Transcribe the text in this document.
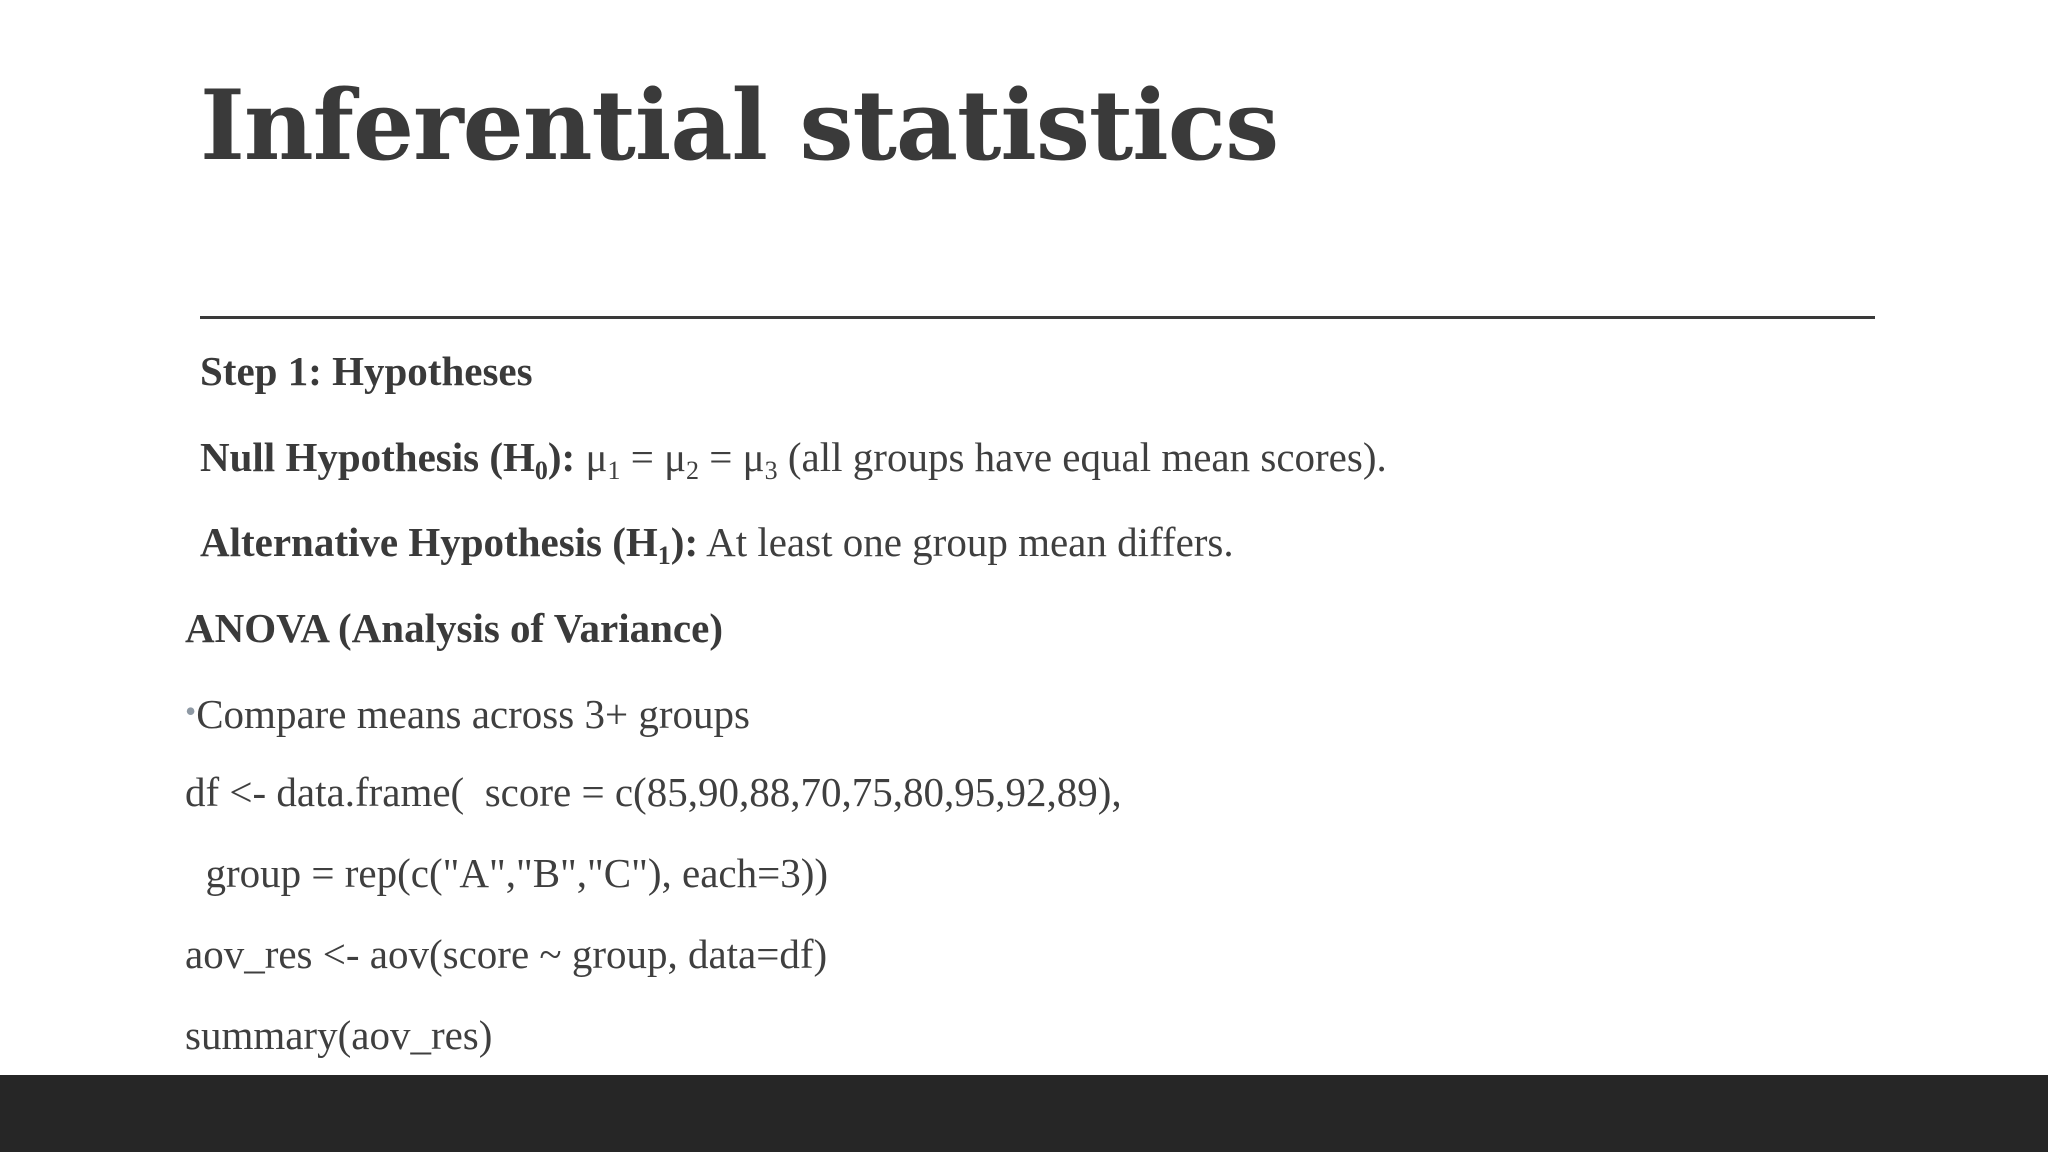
Inferential statistics
Step 1: Hypotheses
Null Hypothesis (H0): $\mu_1 = \mu_2 = \mu_3$ (all groups have equal mean scores).
Alternative Hypothesis (H1): At least one group mean differs.
ANOVA (Analysis of Variance)
•Compare means across 3+ groups
df <- data.frame(  score = c(85,90,88,70,75,80,95,92,89),
group = rep(c("A","B","C"), each=3))
aov_res <- aov(score ~ group, data=df)
summary(aov_res)
